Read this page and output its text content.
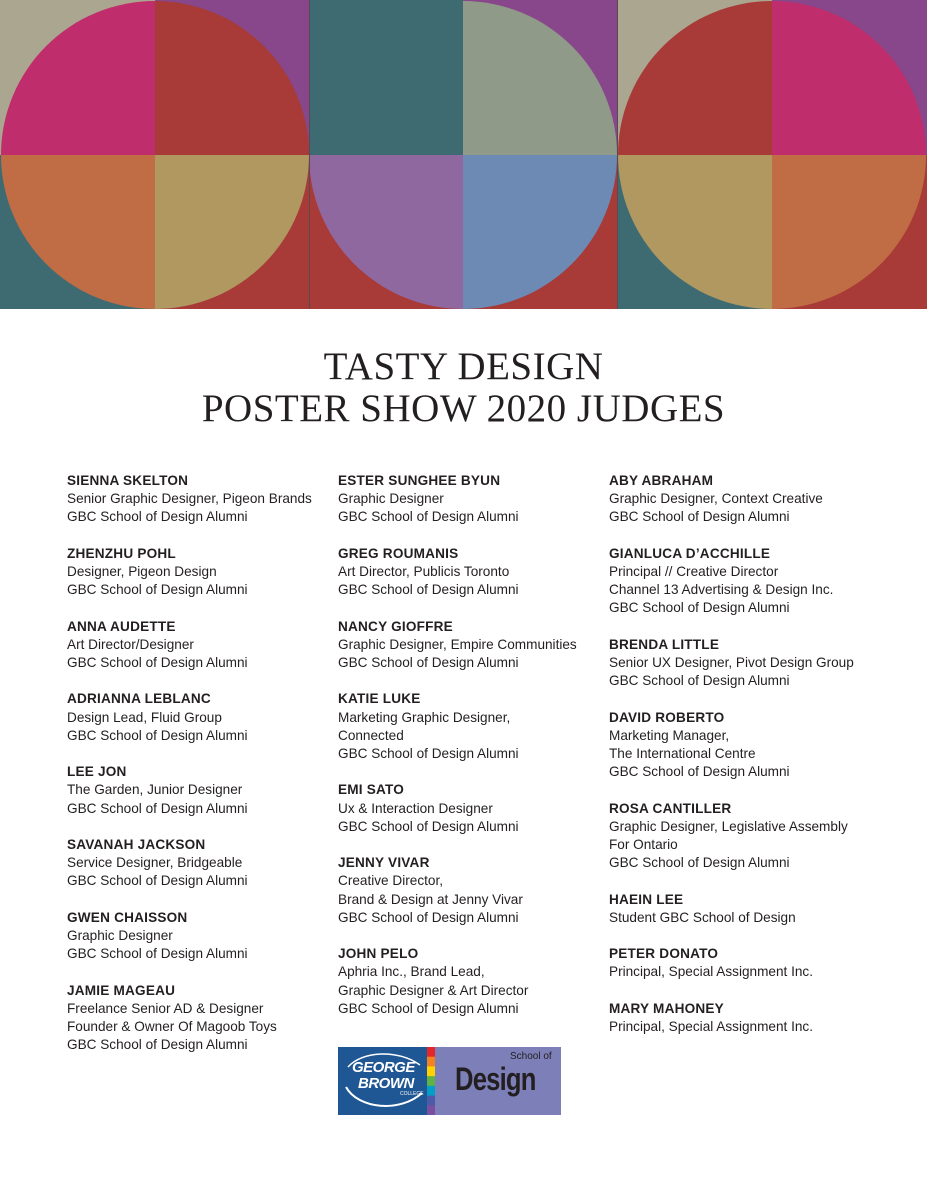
TASTY DESIGN
POSTER SHOW 2020 JUDGES
SIENNA SKELTON
Senior Graphic Designer, Pigeon Brands
GBC School of Design Alumni
ZHENZHU POHL
Designer, Pigeon Design
GBC School of Design Alumni
ANNA AUDETTE
Art Director/Designer
GBC School of Design Alumni
ADRIANNA LEBLANC
Design Lead, Fluid Group
GBC School of Design Alumni
LEE JON
The Garden, Junior Designer
GBC School of Design Alumni
SAVANAH JACKSON
Service Designer, Bridgeable
GBC School of Design Alumni
GWEN CHAISSON
Graphic Designer
GBC School of Design Alumni
JAMIE MAGEAU
Freelance Senior AD & Designer
Founder & Owner Of Magoob Toys
GBC School of Design Alumni
ESTER SUNGHEE BYUN
Graphic Designer
GBC School of Design Alumni
GREG ROUMANIS
Art Director, Publicis Toronto
GBC School of Design Alumni
NANCY GIOFFRE
Graphic Designer, Empire Communities
GBC School of Design Alumni
KATIE LUKE
Marketing Graphic Designer,
Connected
GBC School of Design Alumni
EMI SATO
Ux & Interaction Designer
GBC School of Design Alumni
JENNY VIVAR
Creative Director,
Brand & Design at Jenny Vivar
GBC School of Design Alumni
JOHN PELO
Aphria Inc., Brand Lead,
Graphic Designer & Art Director
GBC School of Design Alumni
ABY ABRAHAM
Graphic Designer, Context Creative
GBC School of Design Alumni
GIANLUCA D’ACCHILLE
Principal // Creative Director
Channel 13 Advertising & Design Inc.
GBC School of Design Alumni
BRENDA LITTLE
Senior UX Designer, Pivot Design Group
GBC School of Design Alumni
DAVID ROBERTO
Marketing Manager,
The International Centre
GBC School of Design Alumni
ROSA CANTILLER
Graphic Designer, Legislative Assembly
For Ontario
GBC School of Design Alumni
HAEIN LEE
Student GBC School of Design
PETER DONATO
Principal, Special Assignment Inc.
MARY MAHONEY
Principal, Special Assignment Inc.
GEORGE
BROWN
COLLEGE
School of
Design
